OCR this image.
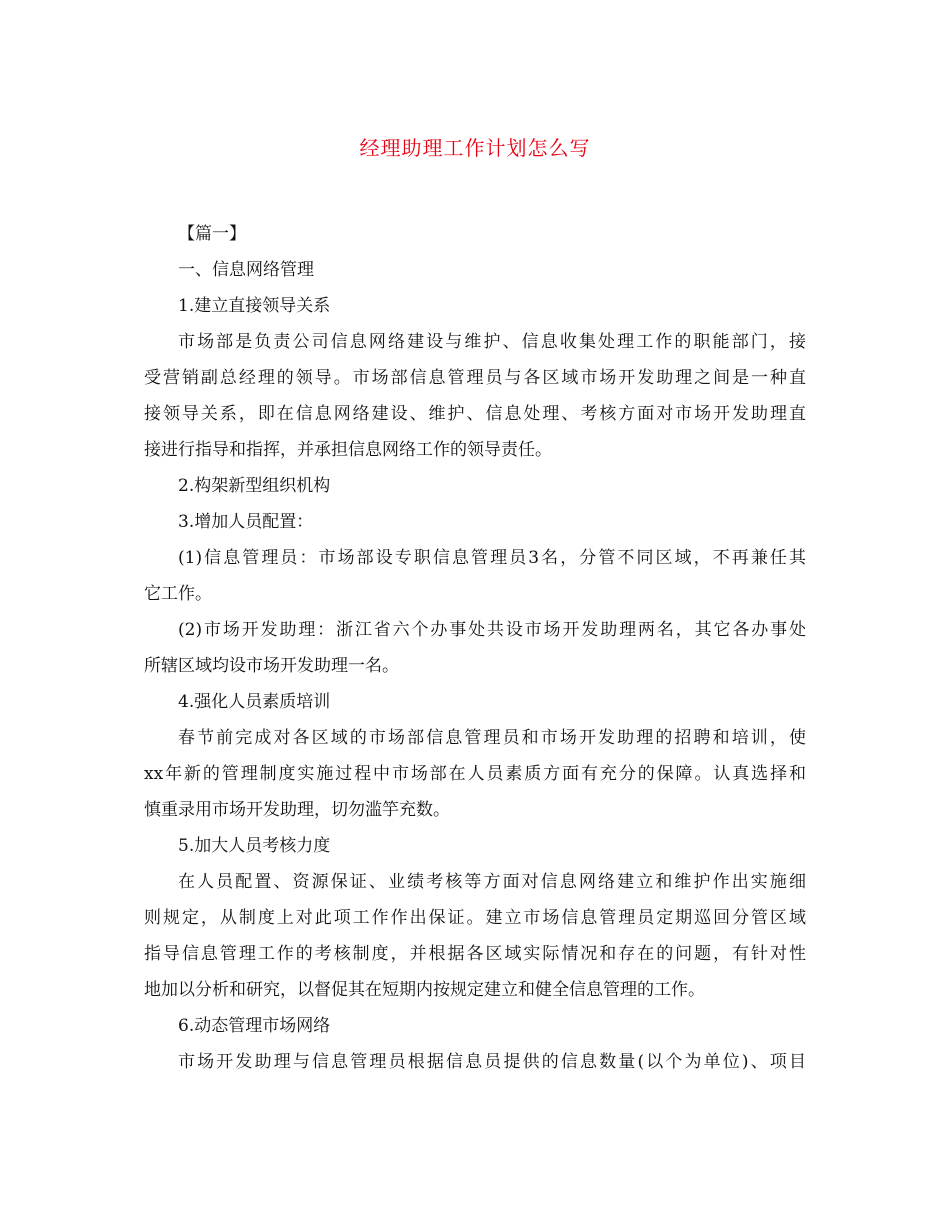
经理助理工作计划怎么写
【篇一】
一、信息网络管理
1.建立直接领导关系
市场部是负责公司信息网络建设与维护、信息收集处理工作的职能部门，接
受营销副总经理的领导。市场部信息管理员与各区域市场开发助理之间是一种直
接领导关系，即在信息网络建设、维护、信息处理、考核方面对市场开发助理直
接进行指导和指挥，并承担信息网络工作的领导责任。
2.构架新型组织机构
3.增加人员配置：
(1)信息管理员：市场部设专职信息管理员3名，分管不同区域，不再兼任其
它工作。
(2)市场开发助理：浙江省六个办事处共设市场开发助理两名，其它各办事处
所辖区域均设市场开发助理一名。
4.强化人员素质培训
春节前完成对各区域的市场部信息管理员和市场开发助理的招聘和培训，使
xx年新的管理制度实施过程中市场部在人员素质方面有充分的保障。认真选择和
慎重录用市场开发助理，切勿滥竽充数。
5.加大人员考核力度
在人员配置、资源保证、业绩考核等方面对信息网络建立和维护作出实施细
则规定，从制度上对此项工作作出保证。建立市场信息管理员定期巡回分管区域
指导信息管理工作的考核制度，并根据各区域实际情况和存在的问题，有针对性
地加以分析和研究，以督促其在短期内按规定建立和健全信息管理的工作。
6.动态管理市场网络
市场开发助理与信息管理员根据信息员提供的信息数量(以个为单位)、项目
